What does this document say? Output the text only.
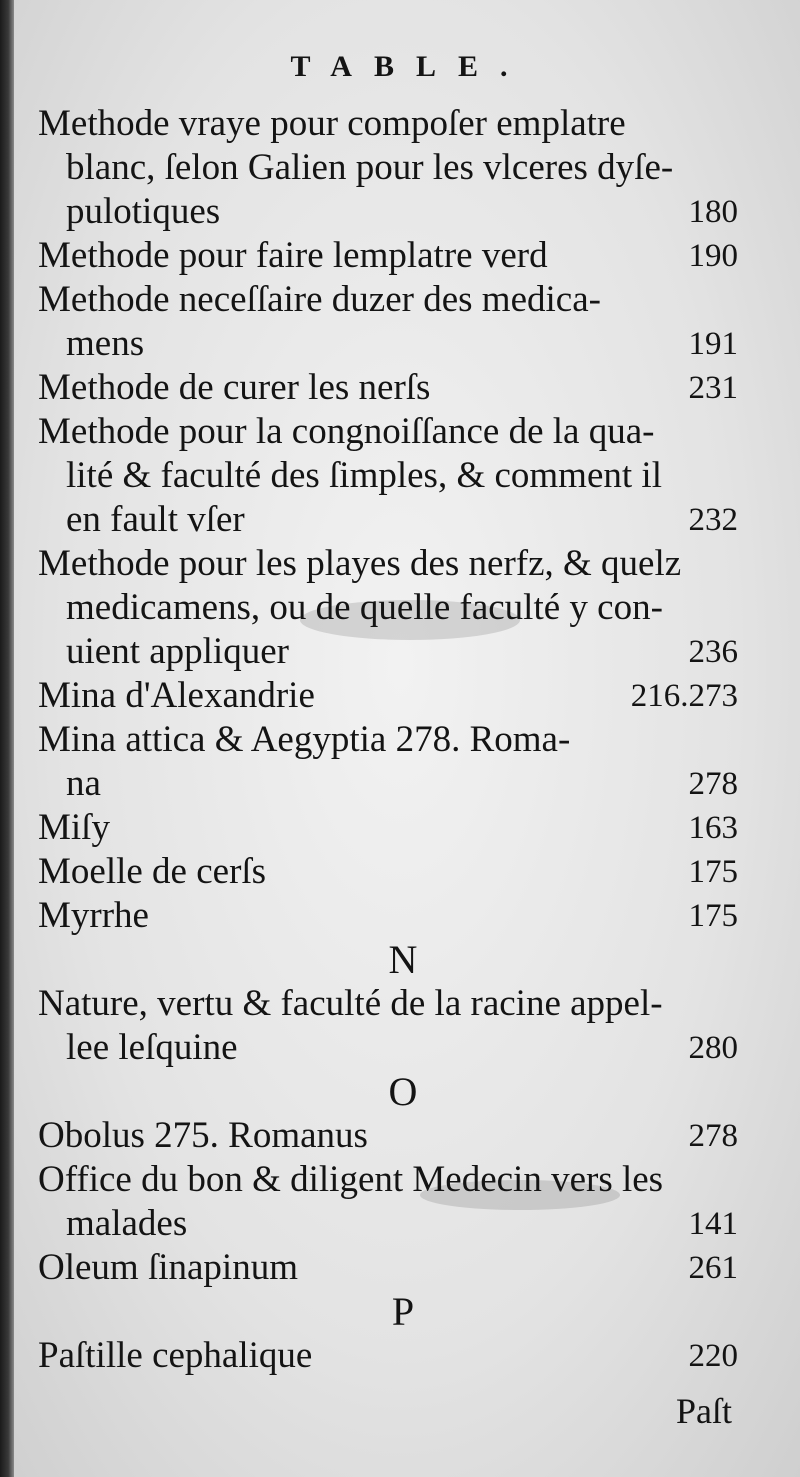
TABLE.
Methode vraye pour compoſer emplatre
blanc, ſelon Galien pour les vlceres dyſe-
pulotiques	180
Methode pour faire lemplatre verd	190
Methode neceſſaire duzer des medica-
mens	191
Methode de curer les nerſs	231
Methode pour la congnoiſſance de la qua-
lité & faculté des ſimples, & comment il
en fault vſer	232
Methode pour les playes des nerfz, & quelz
medicamens, ou de quelle faculté y con-
uient appliquer	236
Mina d'Alexandrie	216.273
Mina attica & Aegyptia 278. Roma-
na	278
Miſy	163
Moelle de cerſs	175
Myrrhe	175
N
Nature, vertu & faculté de la racine appel-
lee leſquine	280
O
Obolus 275. Romanus	278
Office du bon & diligent Medecin vers les
malades	141
Oleum ſinapinum	261
P
Paſtille cephalique	220
Paſt
